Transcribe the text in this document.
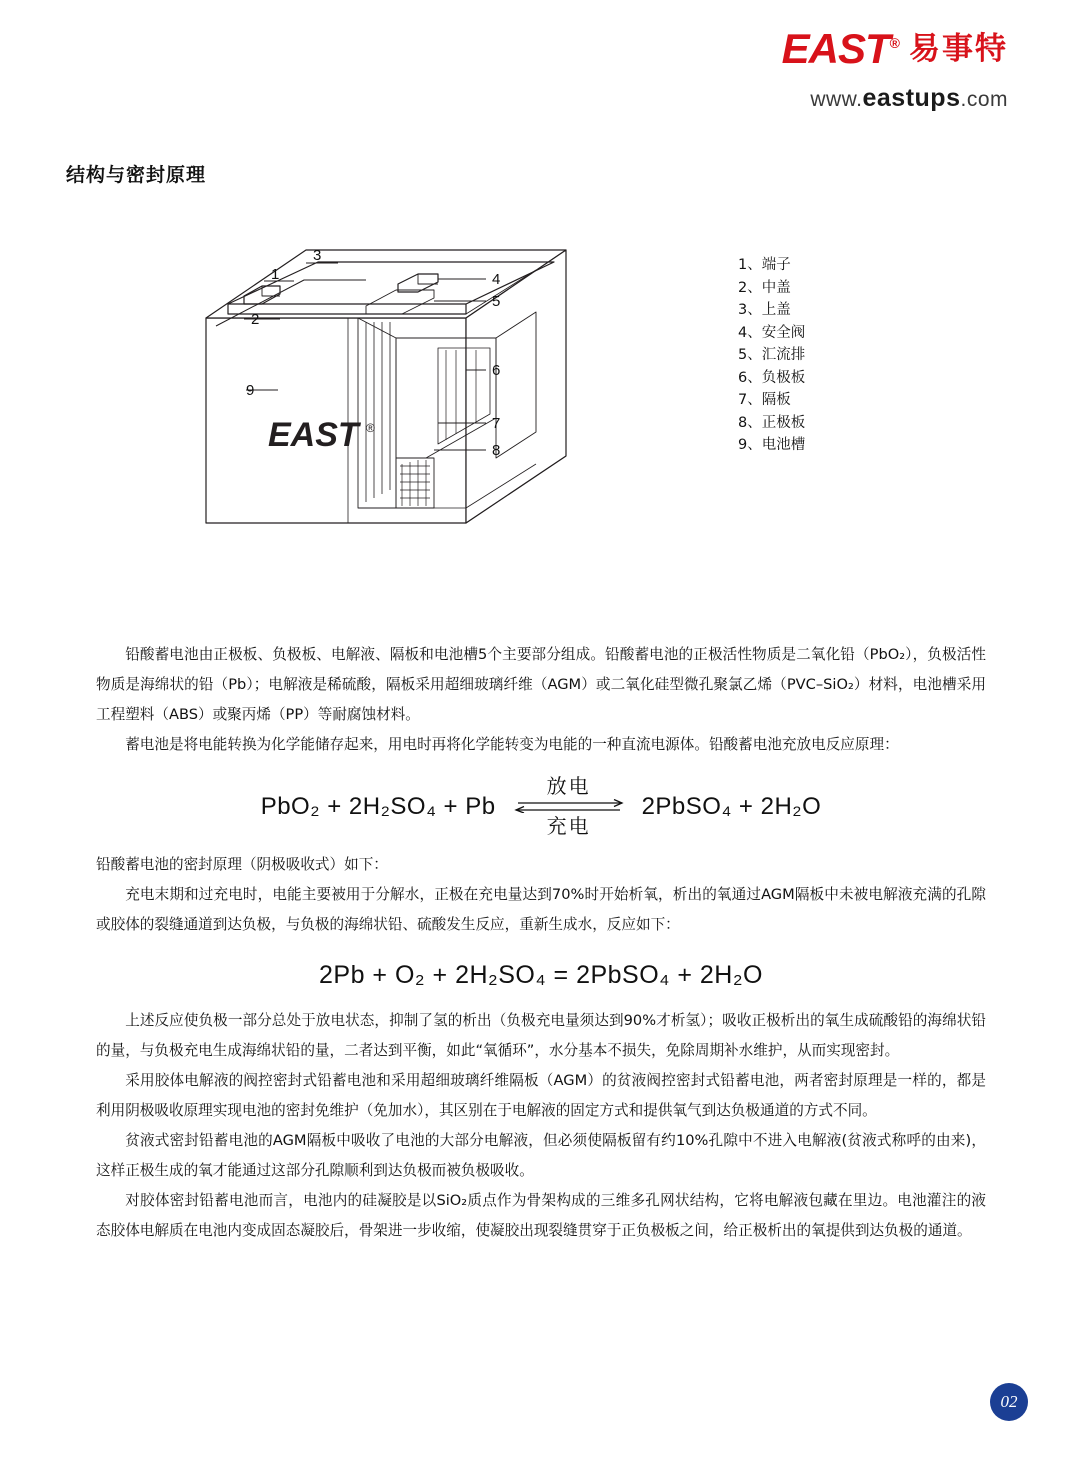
EAST® 易事特
www.eastups.com
结构与密封原理
EAST ®
1
2
3
4
5
6
7
8
9
1、端子
2、中盖
3、上盖
4、安全阀
5、汇流排
6、负极板
7、隔板
8、正极板
9、电池槽

铅酸蓄电池由正极板、负极板、电解液、隔板和电池槽5个主要部分组成。铅酸蓄电池的正极活性物质是二氧化铅（PbO₂），负极活性物质是海绵状的铅（Pb）；电解液是稀硫酸，隔板采用超细玻璃纤维（AGM）或二氧化硅型微孔聚氯乙烯（PVC–SiO₂）材料，电池槽采用工程塑料（ABS）或聚丙烯（PP）等耐腐蚀材料。

蓄电池是将电能转换为化学能储存起来，用电时再将化学能转变为电能的一种直流电源体。铅酸蓄电池充放电反应原理：

PbO₂ + 2H₂SO₄ + Pb
放电
充电
2PbSO₄ + 2H₂O

铅酸蓄电池的密封原理（阴极吸收式）如下：

充电末期和过充电时，电能主要被用于分解水，正极在充电量达到70%时开始析氧，析出的氧通过AGM隔板中未被电解液充满的孔隙或胶体的裂缝通道到达负极，与负极的海绵状铅、硫酸发生反应，重新生成水，反应如下：

2Pb + O₂ + 2H₂SO₄ = 2PbSO₄ + 2H₂O

上述反应使负极一部分总处于放电状态，抑制了氢的析出（负极充电量须达到90%才析氢）；吸收正极析出的氧生成硫酸铅的海绵状铅的量，与负极充电生成海绵状铅的量，二者达到平衡，如此“氧循环”，水分基本不损失，免除周期补水维护，从而实现密封。

采用胶体电解液的阀控密封式铅蓄电池和采用超细玻璃纤维隔板（AGM）的贫液阀控密封式铅蓄电池，两者密封原理是一样的，都是利用阴极吸收原理实现电池的密封免维护（免加水），其区别在于电解液的固定方式和提供氧气到达负极通道的方式不同。

贫液式密封铅蓄电池的AGM隔板中吸收了电池的大部分电解液，但必须使隔板留有约10%孔隙中不进入电解液(贫液式称呼的由来)，这样正极生成的氧才能通过这部分孔隙顺利到达负极而被负极吸收。

对胶体密封铅蓄电池而言，电池内的硅凝胶是以SiO₂质点作为骨架构成的三维多孔网状结构，它将电解液包藏在里边。电池灌注的液态胶体电解质在电池内变成固态凝胶后，骨架进一步收缩，使凝胶出现裂缝贯穿于正负极板之间，给正极析出的氧提供到达负极的通道。

02
